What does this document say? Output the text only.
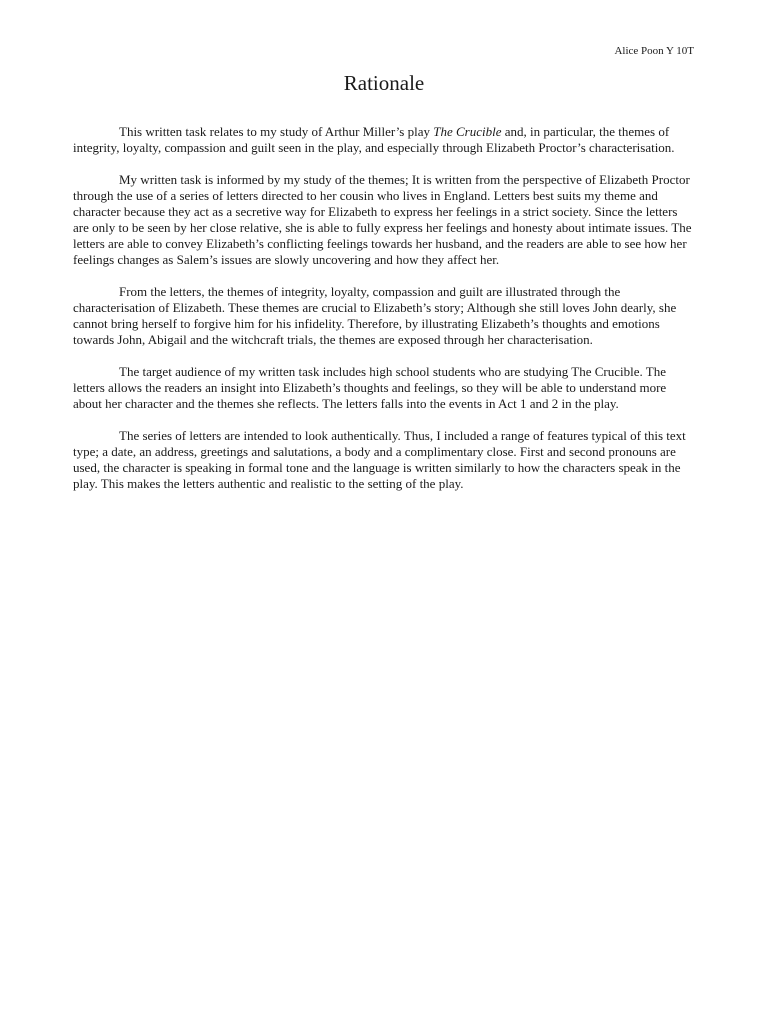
Alice Poon Y 10T
Rationale

This written task relates to my study of Arthur Miller’s play The Crucible and, in particular, the themes of integrity, loyalty, compassion and guilt seen in the play, and especially through Elizabeth Proctor’s characterisation.

My written task is informed by my study of the themes; It is written from the perspective of Elizabeth Proctor through the use of a series of letters directed to her cousin who lives in England. Letters best suits my theme and character because they act as a secretive way for Elizabeth to express her feelings in a strict society. Since the letters are only to be seen by her close relative, she is able to fully express her feelings and honesty about intimate issues. The letters are able to convey Elizabeth’s conflicting feelings towards her husband, and the readers are able to see how her feelings changes as Salem’s issues are slowly uncovering and how they affect her.

From the letters, the themes of integrity, loyalty, compassion and guilt are illustrated through the characterisation of Elizabeth. These themes are crucial to Elizabeth’s story; Although she still loves John dearly, she cannot bring herself to forgive him for his infidelity. Therefore, by illustrating Elizabeth’s thoughts and emotions towards John, Abigail and the witchcraft trials, the themes are exposed through her characterisation.

The target audience of my written task includes high school students who are studying The Crucible. The letters allows the readers an insight into Elizabeth’s thoughts and feelings, so they will be able to understand more about her character and the themes she reflects. The letters falls into the events in Act 1 and 2 in the play.

The series of letters are intended to look authentically. Thus, I included a range of features typical of this text type; a date, an address, greetings and salutations, a body and a complimentary close. First and second pronouns are used, the character is speaking in formal tone and the language is written similarly to how the characters speak in the play. This makes the letters authentic and realistic to the setting of the play.
